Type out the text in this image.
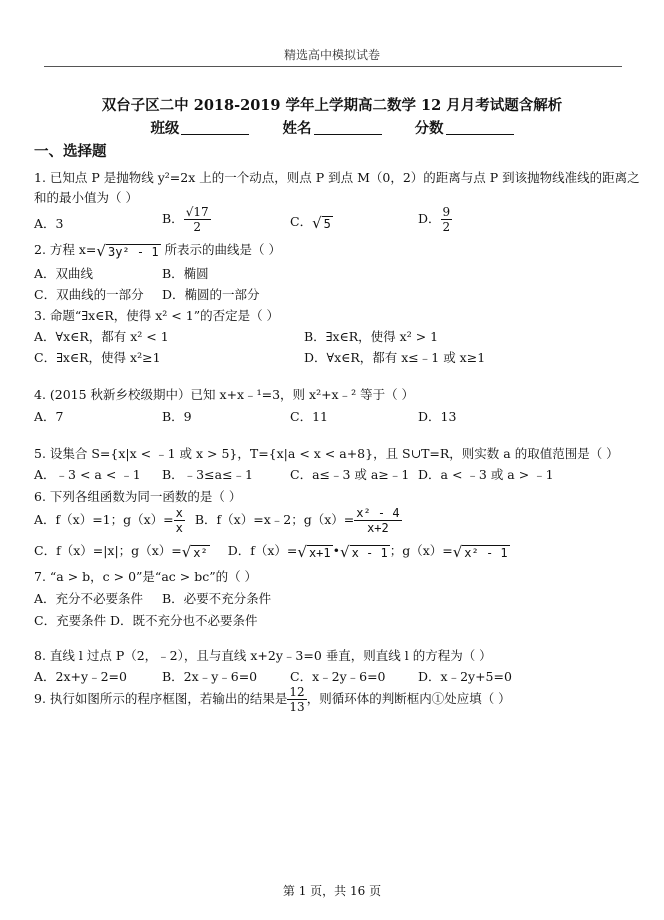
精选高中模拟试卷
双台子区二中 2018-2019 学年上学期高二数学 12 月月考试题含解析
班级	姓名	分数
一、选择题
1. 已知点 P 是抛物线 y²=2x 上的一个动点，则点 P 到点 M（0，2）的距离与点 P 到该抛物线准线的距离之
和的最小值为（ ）
A．3	B． $\frac{√17}{2}$	C．√ 5	D． $\frac{9}{2}$
2. 方程 x=√ 3y² - 1 所表示的曲线是（ ）
A．双曲线	B．椭圆
C．双曲线的一部分 D．椭圆的一部分
3. 命题“∃x∈R，使得 x² < 1”的否定是（ ）
A．∀x∈R，都有 x² < 1	B．∃x∈R，使得 x² > 1
C．∃x∈R，使得 x²≥1	D．∀x∈R，都有 x≤﹣1 或 x≥1
4. (2015 秋新乡校级期中）已知 x+x﹣¹=3，则 x²+x﹣² 等于（ ）
A．7	B．9	C．11	D．13
5. 设集合 S={x|x < ﹣1 或 x > 5}，T={x|a < x < a+8}，且 S∪T=R，则实数 a 的取值范围是（ ）
A．﹣3 < a < ﹣1 B．﹣3≤a≤﹣1	C．a≤﹣3 或 a≥﹣1 D．a < ﹣3 或 a > ﹣1
6. 下列各组函数为同一函数的是（ ）
A．f（x）=1；$g(x)= \frac{x}{x}$ B．f（x）=x﹣2；$g(x)= \frac{\text{x² - 4}}{x+2}$
C．f（x）=|x|；g（x）=√ x² D．f（x）=√ x+1 •√ x - 1 ；g（x）=√ x² - 1
7. “a > b，c > 0”是“ac > bc”的（ ）
A．充分不必要条件 B．必要不充分条件
C．充要条件 D．既不充分也不必要条件
8. 直线 l 过点 P（2，﹣2），且与直线 x+2y﹣3=0 垂直，则直线 l 的方程为（ ）
A．2x+y﹣2=0	B．2x﹣y﹣6=0	C．x﹣2y﹣6=0	D．x﹣2y+5=0
9. 执行如图所示的程序框图，若输出的结果是 $\frac{12}{13}$ ，则循环体的判断框内①处应填（ ）
第 1 页，共 16 页
